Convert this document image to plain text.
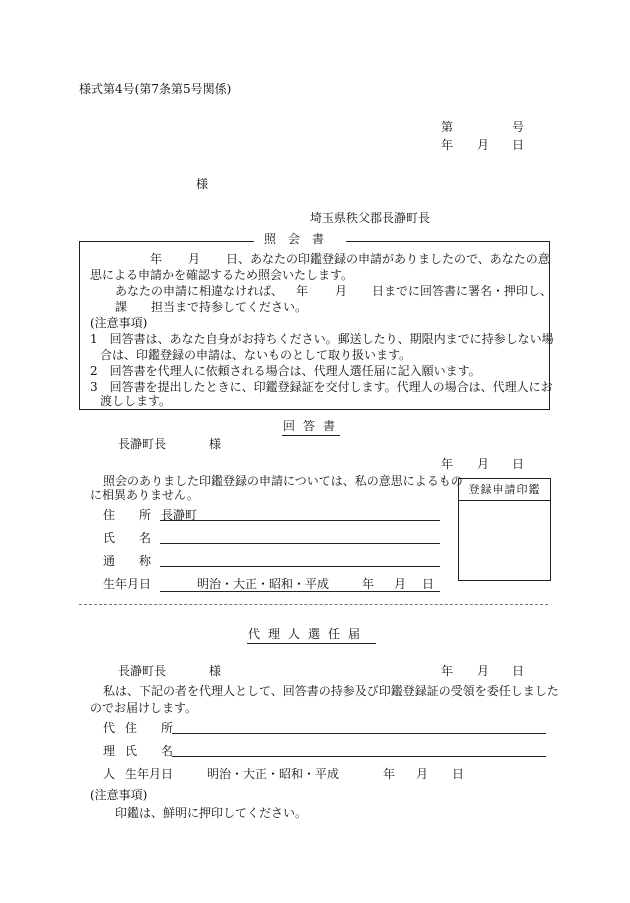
様式第4号(第7条第5号関係)
第	号
年 月 日
様
埼玉県秩父郡長瀞町長
照会書
年 月 日、あなたの印鑑登録の申請がありましたので、あなたの意
思による申請かを確認するため照会いたします。
あなたの申請に相違なければ、 年 月 日までに回答書に署名・押印し、
課 担当まで持参してください。
(注意事項)
1　回答書は、あなた自身がお持ちください。郵送したり、期限内までに持参しない場
合は、印鑑登録の申請は、ないものとして取り扱います。
2　回答書を代理人に依頼される場合は、代理人選任届に記入願います。
3　回答書を提出したときに、印鑑登録証を交付します。代理人の場合は、代理人にお
渡しします。
回答書
長瀞町長	様
年 月 日
照会のありました印鑑登録の申請については、私の意思によるもの
に相異ありません。	登録申請印鑑
住　　所 長瀞町
氏　　名
通　　称
生年月日	明治・大正・昭和・平成	年 月 日
代理人選任届
長瀞町長	様	年 月 日
私は、下記の者を代理人として、回答書の持参及び印鑑登録証の受領を委任しました
のでお届けします。
代 住　　所
理 氏　　名
人 生年月日	明治・大正・昭和・平成	年 月 日
(注意事項)
印鑑は、鮮明に押印してください。
